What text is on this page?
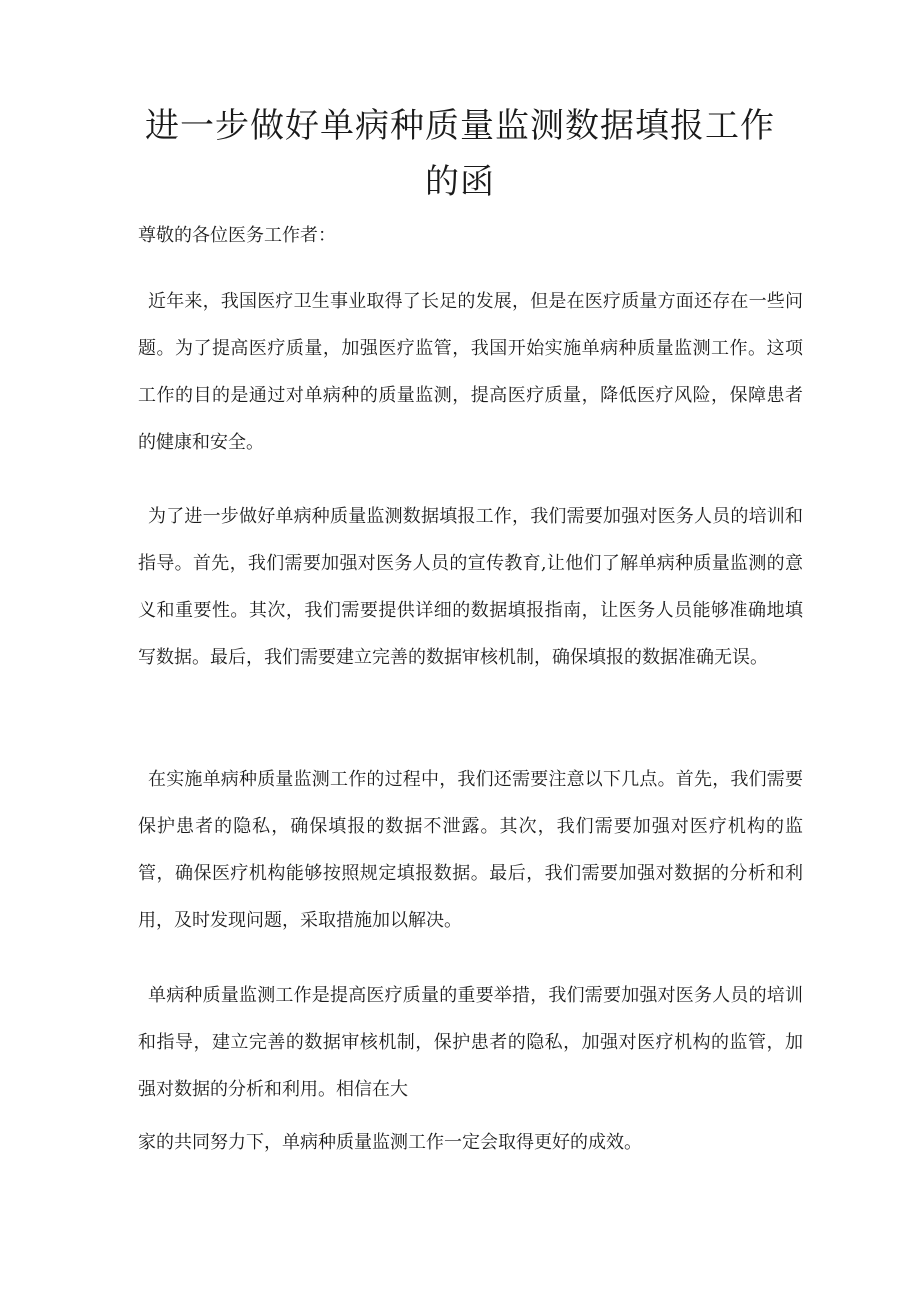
进一步做好单病种质量监测数据填报工作
的函
尊敬的各位医务工作者：

近年来，我国医疗卫生事业取得了长足的发展，但是在医疗质量方面还存在一些问题。为了提高医疗质量，加强医疗监管，我国开始实施单病种质量监测工作。这项工作的目的是通过对单病种的质量监测，提高医疗质量，降低医疗风险，保障患者的健康和安全。

为了进一步做好单病种质量监测数据填报工作，我们需要加强对医务人员的培训和指导。首先，我们需要加强对医务人员的宣传教育,让他们了解单病种质量监测的意义和重要性。其次，我们需要提供详细的数据填报指南，让医务人员能够准确地填写数据。最后，我们需要建立完善的数据审核机制，确保填报的数据准确无误。

在实施单病种质量监测工作的过程中，我们还需要注意以下几点。首先，我们需要保护患者的隐私，确保填报的数据不泄露。其次，我们需要加强对医疗机构的监管，确保医疗机构能够按照规定填报数据。最后，我们需要加强对数据的分析和利用，及时发现问题，采取措施加以解决。

单病种质量监测工作是提高医疗质量的重要举措，我们需要加强对医务人员的培训和指导，建立完善的数据审核机制，保护患者的隐私，加强对医疗机构的监管，加强对数据的分析和利用。相信在大

家的共同努力下，单病种质量监测工作一定会取得更好的成效。
